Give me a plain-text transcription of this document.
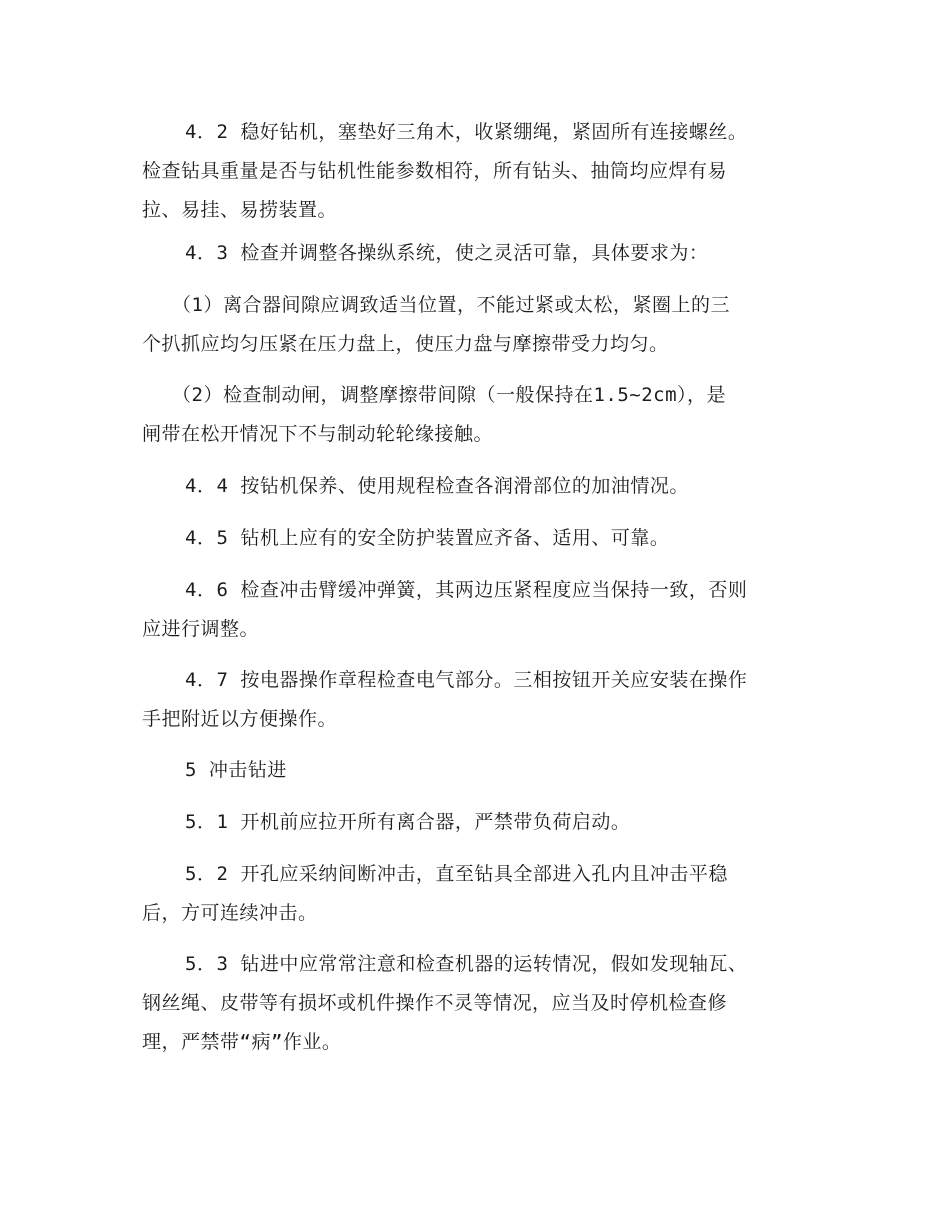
4．2 稳好钻机，塞垫好三角木，收紧绷绳，紧固所有连接螺丝。
检查钻具重量是否与钻机性能参数相符，所有钻头、抽筒均应焊有易
拉、易挂、易捞装置。
4．3 检查并调整各操纵系统，使之灵活可靠，具体要求为：
（1）离合器间隙应调致适当位置，不能过紧或太松，紧圈上的三
个扒抓应均匀压紧在压力盘上，使压力盘与摩擦带受力均匀。
（2）检查制动闸，调整摩擦带间隙（一般保持在1.5~2cm），是
闸带在松开情况下不与制动轮轮缘接触。
4．4 按钻机保养、使用规程检查各润滑部位的加油情况。
4．5 钻机上应有的安全防护装置应齐备、适用、可靠。
4．6 检查冲击臂缓冲弹簧，其两边压紧程度应当保持一致，否则
应进行调整。
4．7 按电器操作章程检查电气部分。三相按钮开关应安装在操作
手把附近以方便操作。
5 冲击钻进
5．1 开机前应拉开所有离合器，严禁带负荷启动。
5．2 开孔应采纳间断冲击，直至钻具全部进入孔内且冲击平稳
后，方可连续冲击。
5．3 钻进中应常常注意和检查机器的运转情况，假如发现轴瓦、
钢丝绳、皮带等有损坏或机件操作不灵等情况，应当及时停机检查修
理，严禁带“病”作业。
